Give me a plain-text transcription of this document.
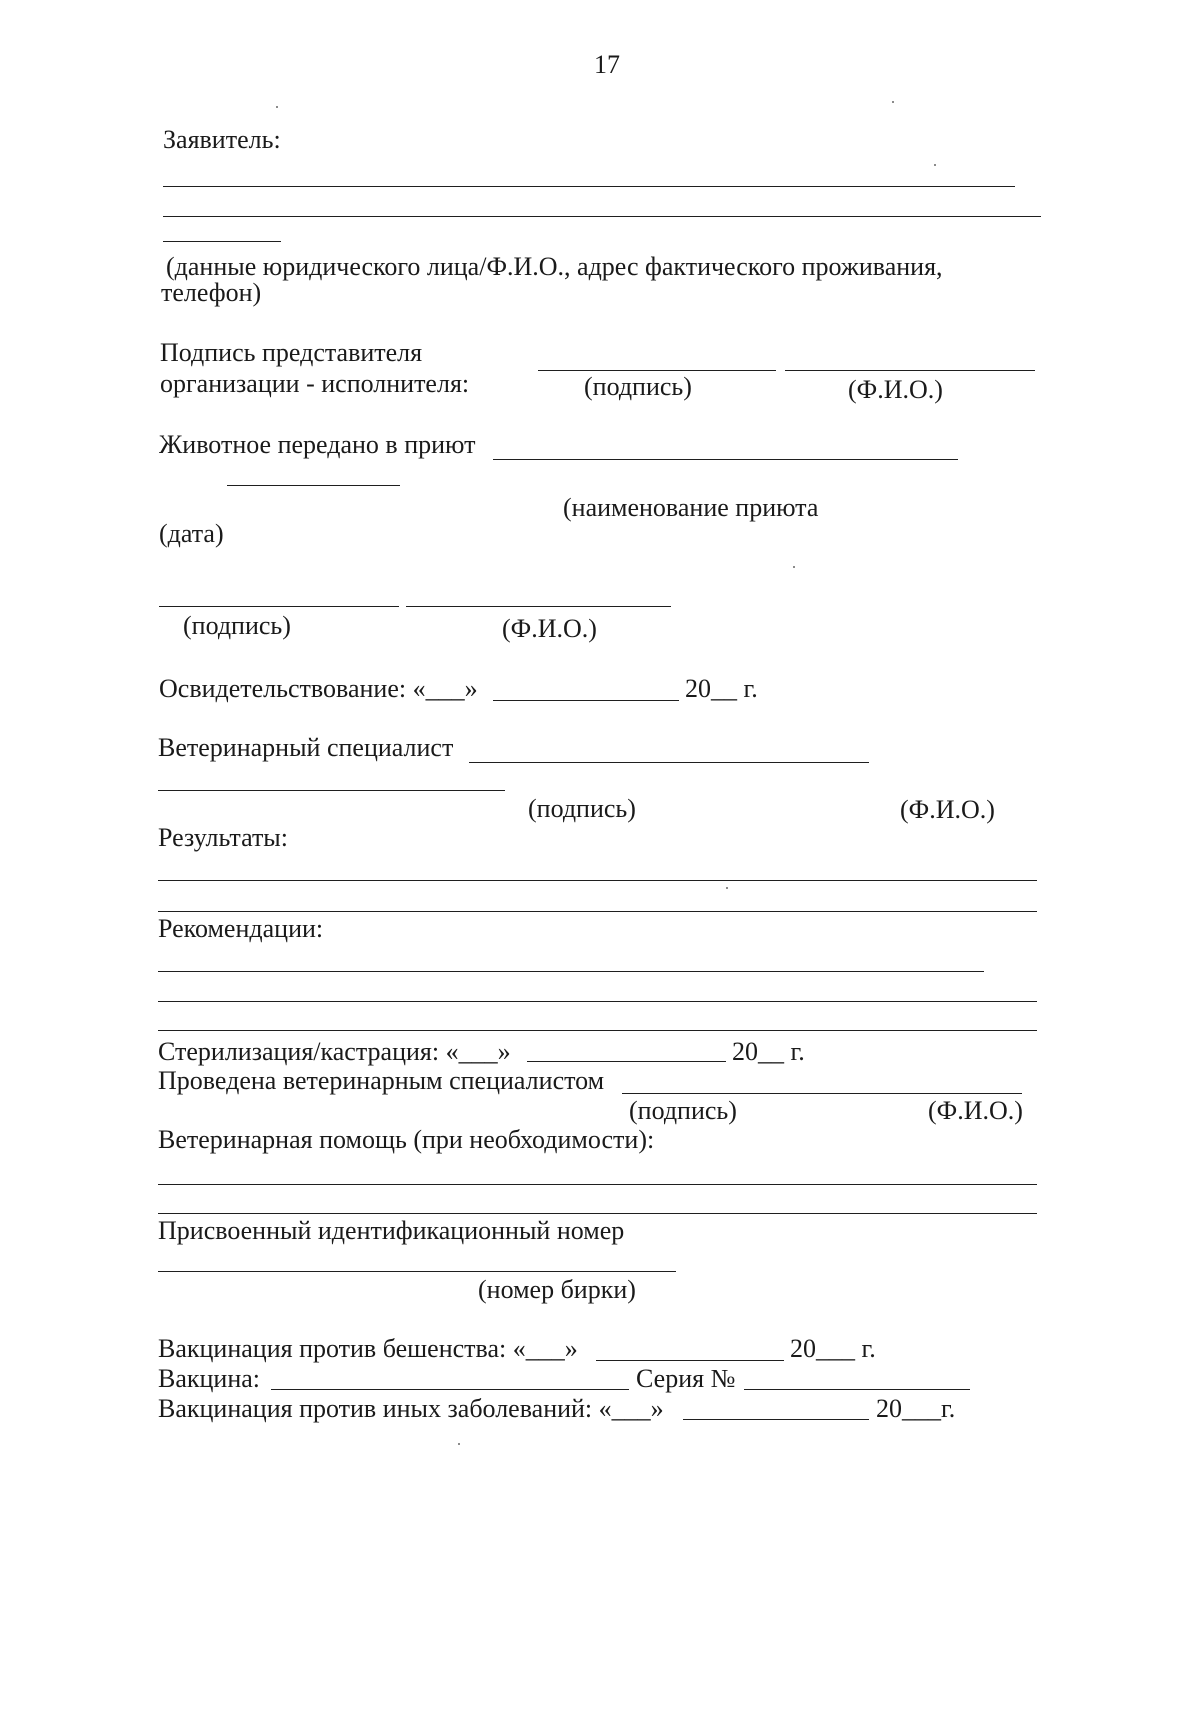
17
Заявитель:
(данные юридического лица/Ф.И.О., адрес фактического проживания,
телефон)
Подпись представителя
организации - исполнителя:	(подпись)	(Ф.И.О.)
Животное передано в приют
(наименование приюта
(дата)
(подпись)	(Ф.И.О.)
Освидетельствование: «___»	20__ г.
Ветеринарный специалист
(подпись)	(Ф.И.О.)
Результаты:
Рекомендации:
Стерилизация/кастрация: «___»	20__ г.
Проведена ветеринарным специалистом
(подпись)	(Ф.И.О.)
Ветеринарная помощь (при необходимости):
Присвоенный идентификационный номер
(номер бирки)
Вакцинация против бешенства: «___»	20___ г.
Вакцина:	Серия №
Вакцинация против иных заболеваний: «___»	20___г.
